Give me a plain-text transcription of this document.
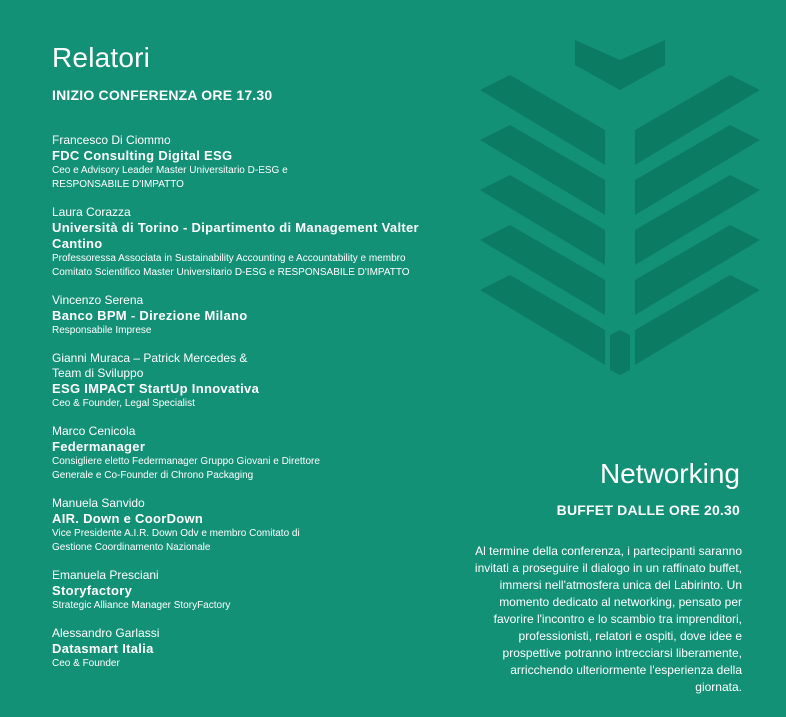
Relatori
INIZIO CONFERENZA ORE 17.30
Francesco Di Ciommo
FDC Consulting Digital ESG
Ceo e Advisory Leader Master Universitario D-ESG e
RESPONSABILE D'IMPATTO
Laura Corazza
Università di Torino - Dipartimento di Management Valter Cantino
Professoressa Associata in Sustainability Accounting e Accountability e membro
Comitato Scientifico Master Universitario D-ESG e RESPONSABILE D'IMPATTO
Vincenzo Serena
Banco BPM - Direzione Milano
Responsabile Imprese
Gianni Muraca – Patrick Mercedes & Team di Sviluppo
ESG IMPACT StartUp Innovativa
Ceo & Founder, Legal Specialist
Marco Cenicola
Federmanager
Consigliere eletto Federmanager Gruppo Giovani e Direttore
Generale e Co-Founder di Chrono Packaging
Manuela Sanvido
AIR. Down e CoorDown
Vice Presidente A.I.R. Down Odv e membro Comitato di
Gestione Coordinamento Nazionale
Emanuela Presciani
Storyfactory
Strategic Alliance Manager StoryFactory
Alessandro Garlassi
Datasmart Italia
Ceo & Founder
Networking
BUFFET DALLE ORE 20.30
Al termine della conferenza, i partecipanti saranno invitati a proseguire il dialogo in un raffinato buffet, immersi nell'atmosfera unica del Labirinto. Un momento dedicato al networking, pensato per favorire l'incontro e lo scambio tra imprenditori, professionisti, relatori e ospiti, dove idee e prospettive potranno intrecciarsi liberamente, arricchendo ulteriormente l'esperienza della giornata.
